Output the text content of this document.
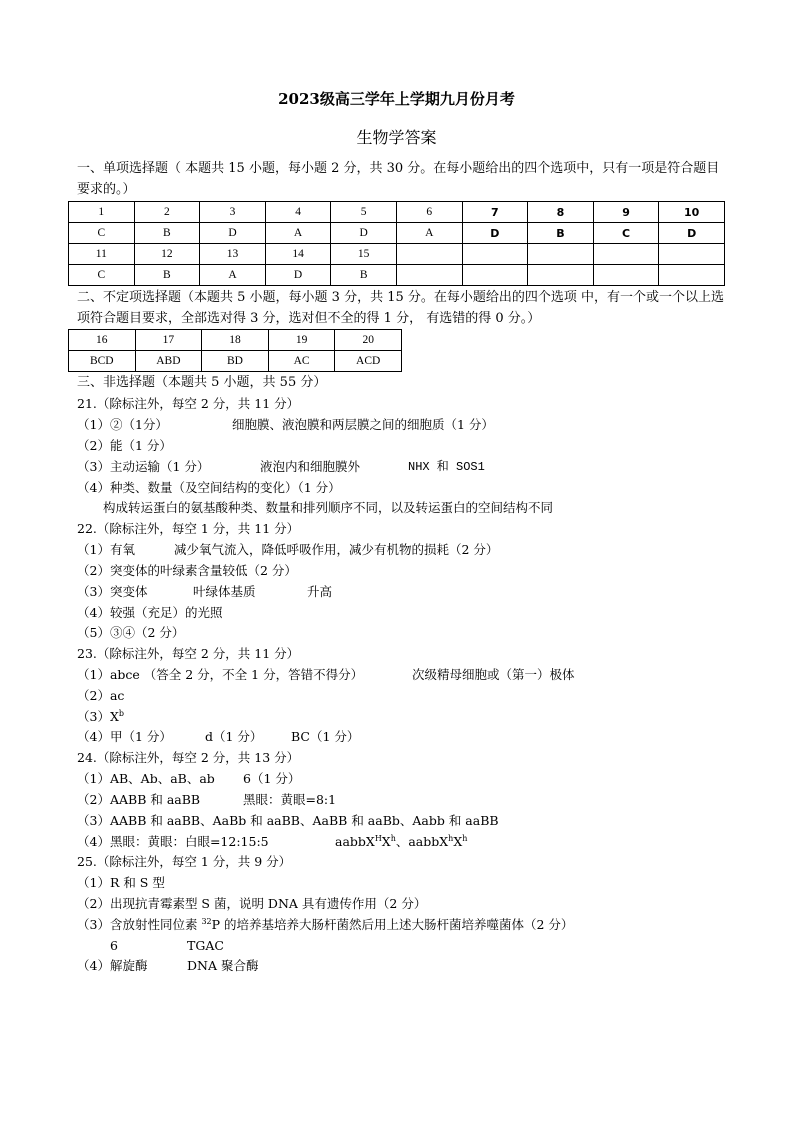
2023级高三学年上学期九月份月考
生物学答案
一、单项选择题（ 本题共 15 小题，每小题 2 分，共 30 分。在每小题给出的四个选项中，只有一项是符合题目要求的。）
1	2	3	4	5	6	7	8	9	10
C	B	D	A	D	A	D	B	C	D
11	12	13	14	15					
C	B	A	D	B					
二、不定项选择题（本题共 5 小题，每小题 3 分，共 15 分。在每小题给出的四个选项 中，有一个或一个以上选项符合题目要求，全部选对得 3 分，选对但不全的得 1 分， 有选错的得 0 分。）
16	17	18	19	20
BCD	ABD	BD	AC	ACD
三、非选择题（本题共 5 小题，共 55 分）
21.（除标注外，每空 2 分，共 11 分）
（1）②（1分）	细胞膜、液泡膜和两层膜之间的细胞质（1 分）
（2）能（1 分）
（3）主动运输（1 分）	液泡内和细胞膜外	NHX 和 SOS1
（4）种类、数量（及空间结构的变化）（1 分）
构成转运蛋白的氨基酸种类、数量和排列顺序不同，以及转运蛋白的空间结构不同
22.（除标注外，每空 1 分，共 11 分）
（1）有氧	减少氧气流入，降低呼吸作用，减少有机物的损耗（2 分）
（2）突变体的叶绿素含量较低（2 分）
（3）突变体	叶绿体基质	升高
（4）较强（充足）的光照
（5）③④（2 分）
23.（除标注外，每空 2 分，共 11 分）
（1）abce （答全 2 分，不全 1 分，答错不得分）	次级精母细胞或（第一）极体
（2）ac
$(3)X^b$
（4）甲（1 分）	d（1 分） BC（1 分）
24.（除标注外，每空 2 分，共 13 分）
（1）AB、Ab、aB、ab 6（1 分）
（2）AABB 和 aaBB	黑眼：黄眼=8:1
（3）AABB 和 aaBB、AaBb 和 aaBB、AaBB 和 aaBb、Aabb 和 aaBB
（4）黑眼：黄眼：白眼=12:15:5	$aabbX^HX^h$、$aabbX^hX^h$
25.（除标注外，每空 1 分，共 9 分）
（1）R 和 S 型
（2）出现抗青霉素型 S 菌，说明 DNA 具有遗传作用（2 分）
（3）含放射性同位素 $^{32}$P 的培养基培养大肠杆菌然后用上述大肠杆菌培养噬菌体（2 分）
6	TGAC
（4）解旋酶	DNA 聚合酶
